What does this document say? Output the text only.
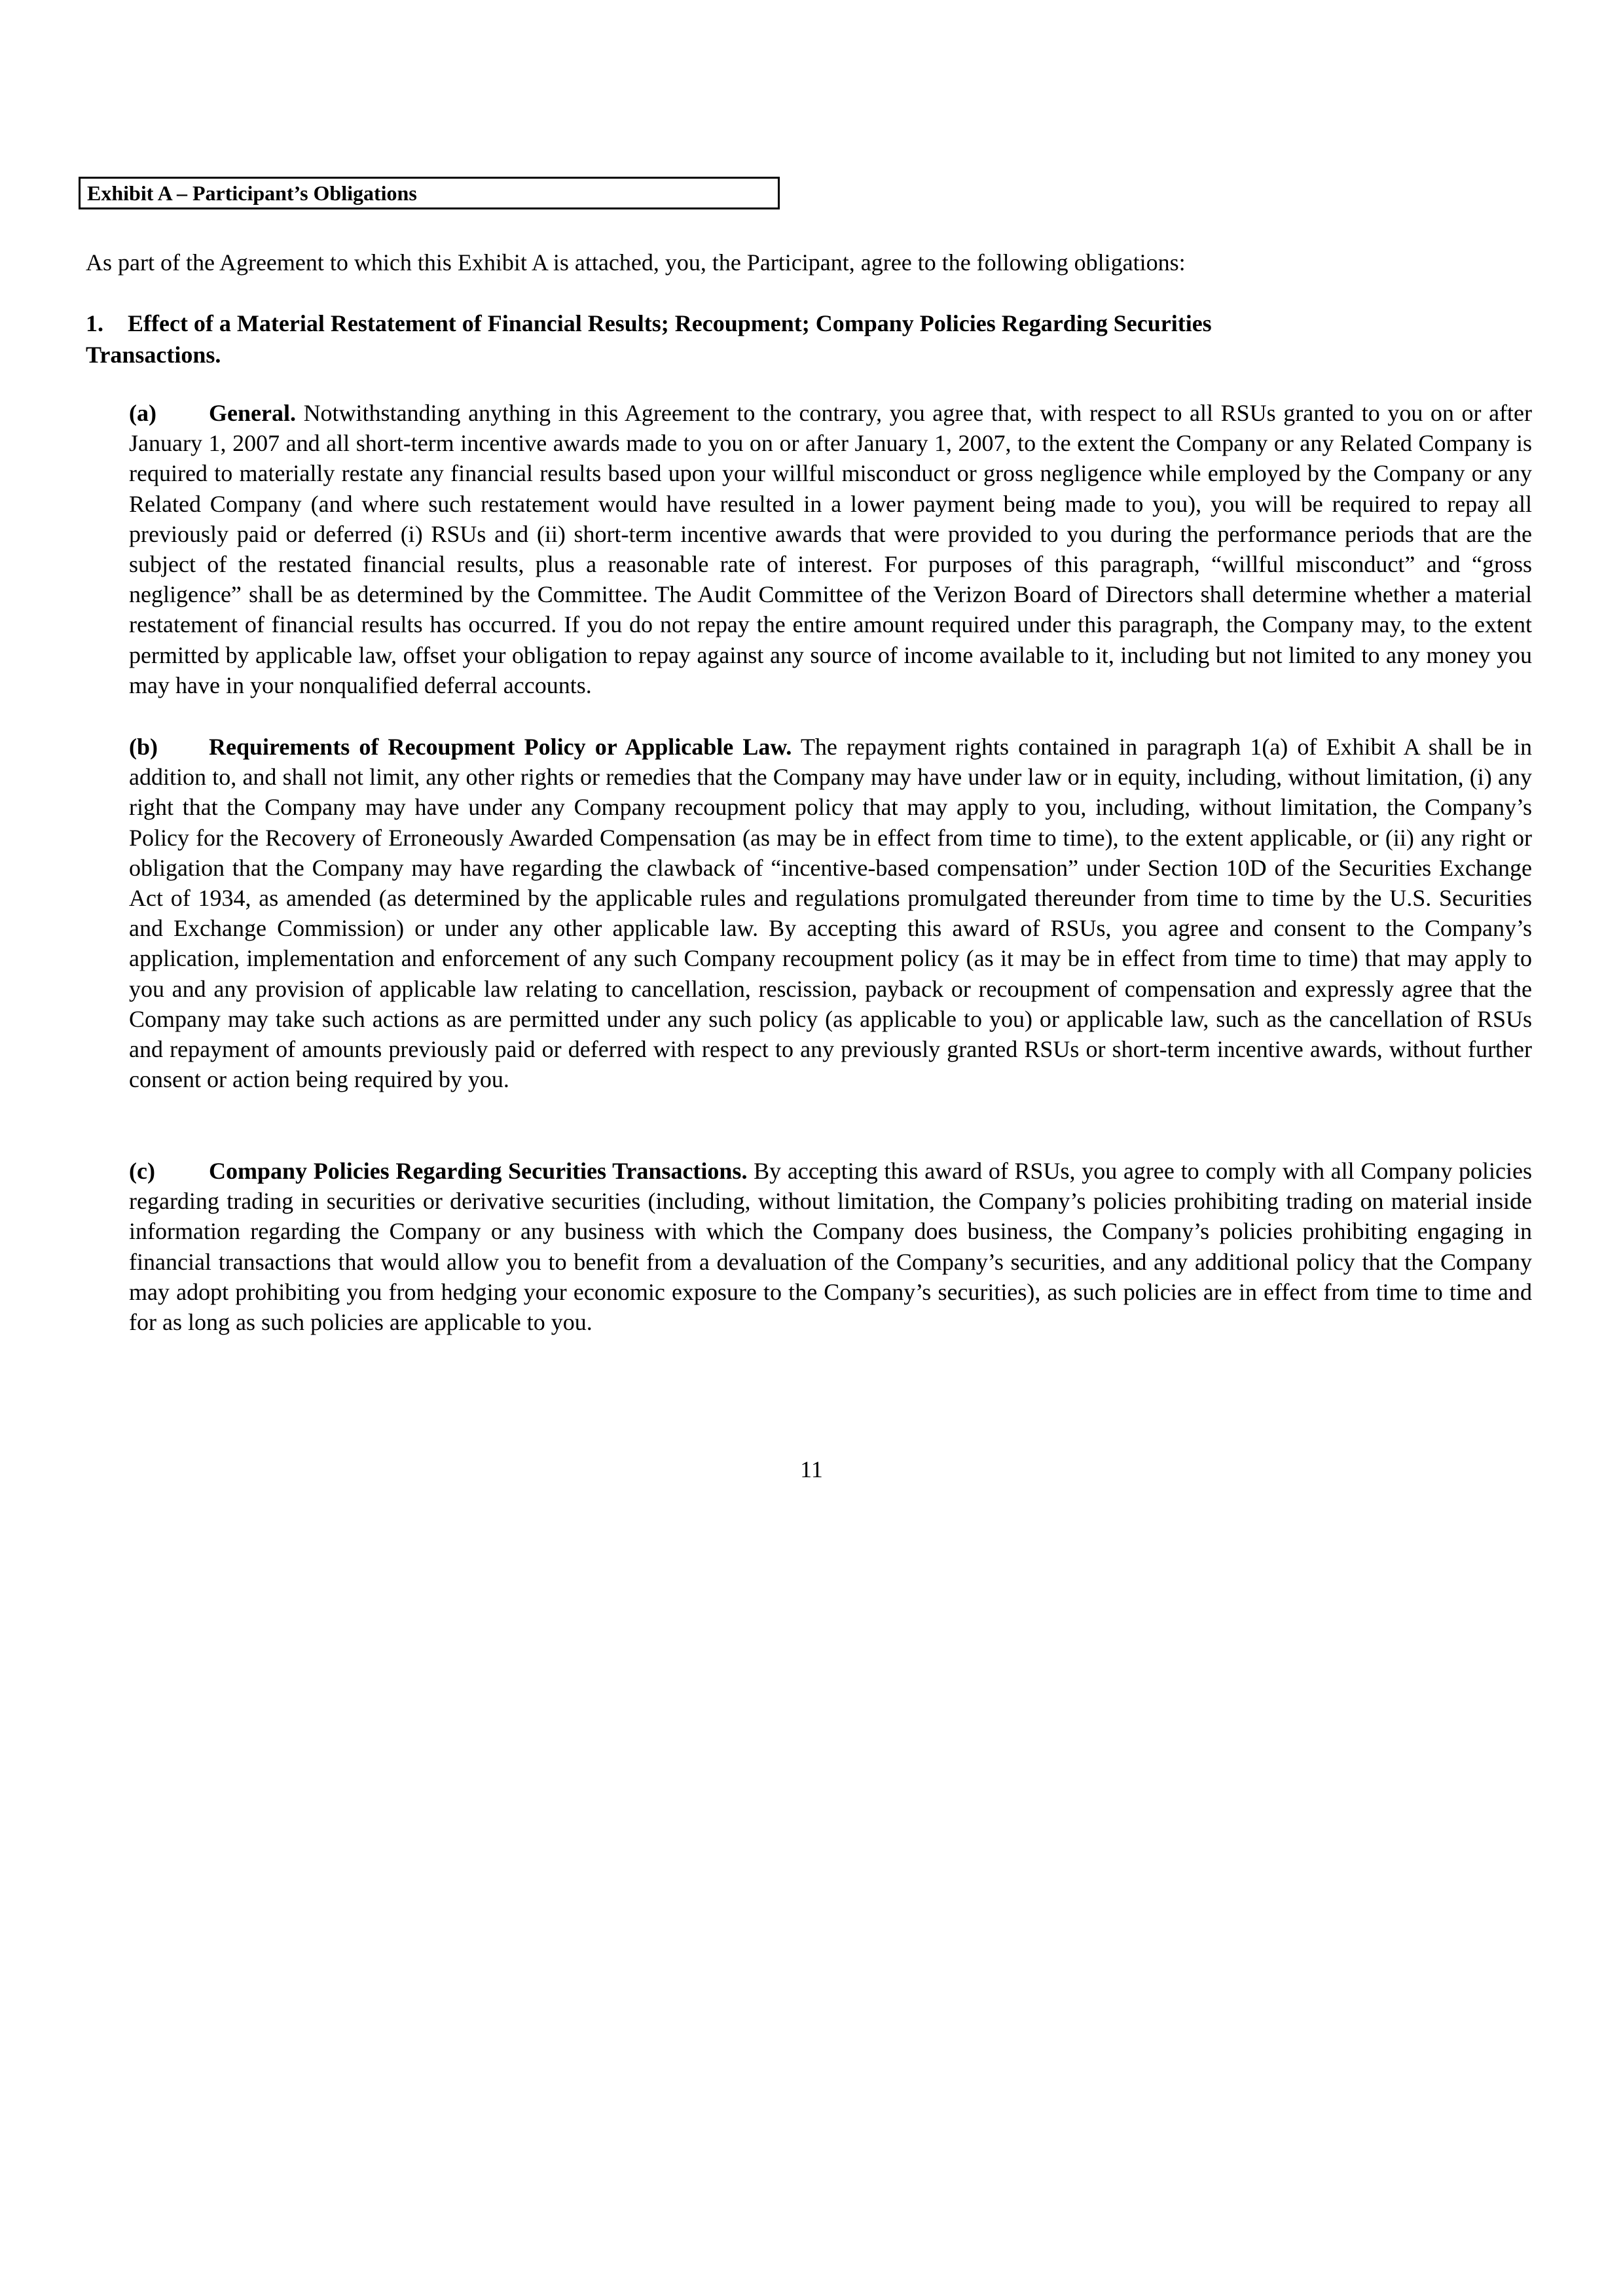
Exhibit A – Participant’s Obligations
As part of the Agreement to which this Exhibit A is attached, you, the Participant, agree to the following obligations:
1. Effect of a Material Restatement of Financial Results; Recoupment; Company Policies Regarding Securities Transactions.
(a) General. Notwithstanding anything in this Agreement to the contrary, you agree that, with respect to all RSUs granted to you on or after January 1, 2007 and all short-term incentive awards made to you on or after January 1, 2007, to the extent the Company or any Related Company is required to materially restate any financial results based upon your willful misconduct or gross negligence while employed by the Company or any Related Company (and where such restatement would have resulted in a lower payment being made to you), you will be required to repay all previously paid or deferred (i) RSUs and (ii) short-term incentive awards that were provided to you during the performance periods that are the subject of the restated financial results, plus a reasonable rate of interest. For purposes of this paragraph, “willful misconduct” and “gross negligence” shall be as determined by the Committee. The Audit Committee of the Verizon Board of Directors shall determine whether a material restatement of financial results has occurred. If you do not repay the entire amount required under this paragraph, the Company may, to the extent permitted by applicable law, offset your obligation to repay against any source of income available to it, including but not limited to any money you may have in your nonqualified deferral accounts.
(b) Requirements of Recoupment Policy or Applicable Law. The repayment rights contained in paragraph 1(a) of Exhibit A shall be in addition to, and shall not limit, any other rights or remedies that the Company may have under law or in equity, including, without limitation, (i) any right that the Company may have under any Company recoupment policy that may apply to you, including, without limitation, the Company’s Policy for the Recovery of Erroneously Awarded Compensation (as may be in effect from time to time), to the extent applicable, or (ii) any right or obligation that the Company may have regarding the clawback of “incentive-based compensation” under Section 10D of the Securities Exchange Act of 1934, as amended (as determined by the applicable rules and regulations promulgated thereunder from time to time by the U.S. Securities and Exchange Commission) or under any other applicable law. By accepting this award of RSUs, you agree and consent to the Company’s application, implementation and enforcement of any such Company recoupment policy (as it may be in effect from time to time) that may apply to you and any provision of applicable law relating to cancellation, rescission, payback or recoupment of compensation and expressly agree that the Company may take such actions as are permitted under any such policy (as applicable to you) or applicable law, such as the cancellation of RSUs and repayment of amounts previously paid or deferred with respect to any previously granted RSUs or short-term incentive awards, without further consent or action being required by you.
(c) Company Policies Regarding Securities Transactions. By accepting this award of RSUs, you agree to comply with all Company policies regarding trading in securities or derivative securities (including, without limitation, the Company’s policies prohibiting trading on material inside information regarding the Company or any business with which the Company does business, the Company’s policies prohibiting engaging in financial transactions that would allow you to benefit from a devaluation of the Company’s securities, and any additional policy that the Company may adopt prohibiting you from hedging your economic exposure to the Company’s securities), as such policies are in effect from time to time and for as long as such policies are applicable to you.
11
